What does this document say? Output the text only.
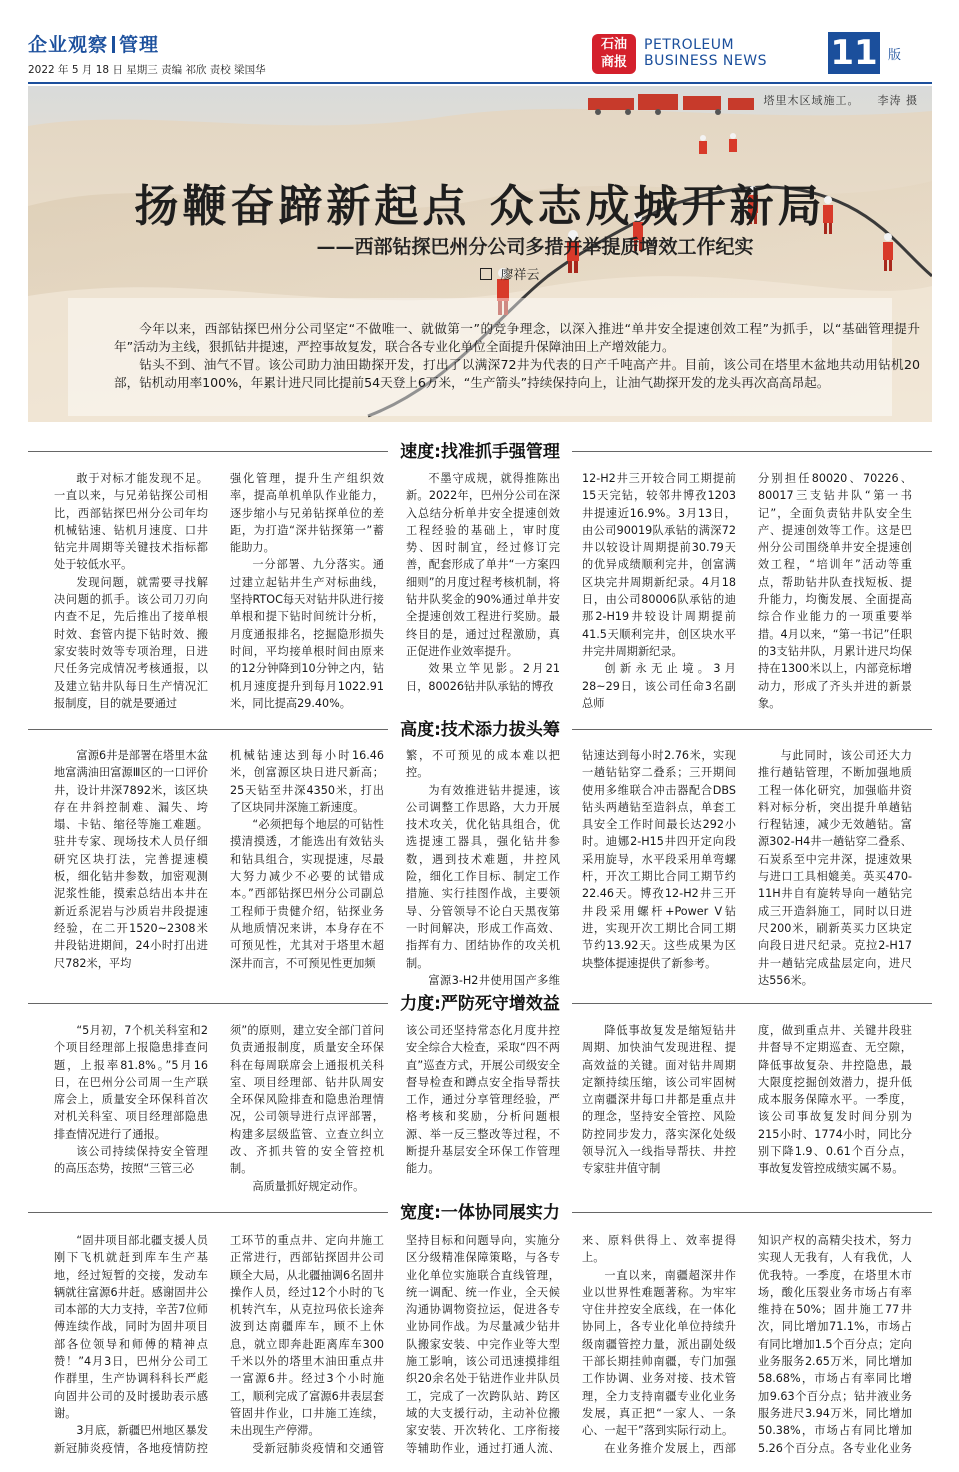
企业观察 管理
2022 年 5 月 18 日 星期三 责编 祁欣 责校 梁国华
石油
商报
PETROLEUM
BUSINESS NEWS 11 版
塔里木区域施工。 李涛 摄
扬鞭奋蹄新起点 众志成城开新局
——西部钻探巴州分公司多措并举提质增效工作纪实
廖祥云

今年以来，西部钻探巴州分公司坚定“不做唯一、就做第一”的竞争理念，以深入推进“单井安全提速创效工程”为抓手，以“基础管理提升年”活动为主线，狠抓钻井提速，严控事故复发，联合各专业化单位全面提升保障油田上产增效能力。

钻头不到、油气不冒。该公司助力油田勘探开发，打出了以满深72井为代表的日产千吨高产井。目前，该公司在塔里木盆地共动用钻机20部，钻机动用率100%，年累计进尺同比提前54天登上6万米，“生产箭头”持续保持向上，让油气勘探开发的龙头再次高高昂起。

速度:找准抓手强管理

敢于对标才能发现不足。一直以来，与兄弟钻探公司相比，西部钻探巴州分公司年均机械钻速、钻机月速度、口井钻完井周期等关键技术指标都处于较低水平。

发现问题，就需要寻找解决问题的抓手。该公司刀刃向内查不足，先后推出了接单根时效、套管内提下钻时效、搬家安装时效等专项治理，日进尺任务完成情况考核通报，以及建立钻井队每日生产情况汇报制度，目的就是要通过

强化管理，提升生产组织效率，提高单机单队作业能力，逐步缩小与兄弟钻探单位的差距，为打造“深井钻探第一”蓄能助力。

一分部署、九分落实。通过建立起钻井生产对标曲线，坚持RTOC每天对钻井队进行接单根和提下钻时间统计分析，月度通报排名，挖掘隐形损失时间，平均接单根时间由原来的12分钟降到10分钟之内，钻机月速度提升到每月1022.91米，同比提高29.40%。

不墨守成规，就得推陈出新。2022年，巴州分公司在深入总结分析单井安全提速创效工程经验的基础上，审时度势、因时制宜，经过修订完善，配套形成了单井“一方案四细则”的月度过程考核机制，将钻井队奖金的90%通过单井安全提速创效工程进行奖励。最终目的是，通过过程激励，真正促进作业效率提升。

效果立竿见影。2月21日，80026钻井队承钻的博孜

12-H2井三开较合同工期提前15天完钻，较邻井博孜1203井提速近16.9%。3月13日，由公司90019队承钻的满深72井以较设计周期提前30.79天的优异成绩顺利完井，创富满区块完井周期新纪录。4月18日，由公司80006队承钻的迪那2-H19井较设计周期提前41.5天顺利完井，创区块水平井完井周期新纪录。

创新永无止境。3月28~29日，该公司任命3名副总师

分别担任80020、70226、80017三支钻井队“第一书记”，全面负责钻井队安全生产、提速创效等工作。这是巴州分公司围绕单井安全提速创效工程，“培训年”活动等重点，帮助钻井队查找短板、提升能力，均衡发展、全面提高综合作业能力的一项重要举措。4月以来，“第一书记”任职的3支钻井队，月累计进尺均保持在1300米以上，内部竞标增动力，形成了齐头并进的新景象。

高度:技术添力拔头筹

富源6井是部署在塔里木盆地富满油田富源Ⅲ区的一口评价井，设计井深7892米，该区块存在井斜控制难、漏失、垮塌、卡钻、缩径等施工难题。驻井专家、现场技术人员仔细研究区块打法，完善提速模板，细化钻井参数，加密观测泥浆性能，摸索总结出本井在新近系泥岩与沙质岩井段提速经验，在二开1520~2308米井段钻进期间，24小时打出进尺782米，平均

机械钻速达到每小时16.46米，创富源区块日进尺新高；25天钻至井深4350米，打出了区块同井深施工新速度。

“必须把每个地层的可钻性摸清摸透，才能选出有效钻头和钻具组合，实现提速，尽最大努力减少不必要的试错成本。”西部钻探巴州分公司副总工程师于贵健介绍，钻探业务从地质情况来讲，本身存在不可预见性，尤其对于塔里木超深井而言，不可预见性更加频

繁，不可预见的成本难以把控。

为有效推进钻井提速，该公司调整工作思路，大力开展技术攻关，优化钻具组合，优选提速工器具，强化钻井参数，遇到技术难题，井控风险，细化工作目标、制定工作措施、实行挂图作战，主要领导、分管领导不论白天黑夜第一时间解决，形成工作高效、指挥有力、团结协作的攻关机制。

富源3-H2井使用国产多维

钻速达到每小时2.76米，实现一趟钻钻穿二叠系；三开期间使用多维联合冲击器配合DBS钻头两趟钻至造斜点，单套工具安全工作时间最长达292小时。迪娜2-H15井四开定向段采用旋导，水平段采用单弯螺杆，开次工期比合同工期节约22.46天。博孜12-H2井三开井段采用螺杆+Power V钻进，实现开次工期比合同工期节约13.92天。这些成果为区块整体提速提供了新参考。

与此同时，该公司还大力推行趟钻管理，不断加强地质工程一体化研究，加强临井资料对标分析，突出提升单趟钻行程钻速，减少无效趟钻。富源302-H4井一趟钻穿二叠系、石炭系至中完井深，提速效果与进口工具相媲美。英买470-11H井自有旋转导向一趟钻完成三开造斜施工，同时以日进尺200米，刷新英买力区块定向段日进尺纪录。克拉2-H17井一趟钻完成盐层定向，进尺达556米。

力度:严防死守增效益

“5月初，7个机关科室和2个项目经理部上报隐患排查问题，上报率81.8%。”5月16日，在巴州分公司周一生产联席会上，质量安全环保科首次对机关科室、项目经理部隐患排查情况进行了通报。

该公司持续保持安全管理的高压态势，按照“三管三必

须”的原则，建立安全部门首问负责通报制度，质量安全环保科在每周联席会上通报机关科室、项目经理部、钻井队周安全环保风险排查和隐患治理情况，公司领导进行点评部署，构建多层级监管、立查立纠立改、齐抓共管的安全管控机制。

高质量抓好规定动作。

该公司还坚持常态化月度井控安全综合大检查，采取“四不两直”巡查方式，开展公司级安全督导检查和蹲点安全指导帮扶工作，通过分享管理经验，严格考核和奖励，分析问题根源、举一反三整改等过程，不断提升基层安全环保工作管理能力。

降低事故复发是缩短钻井周期、加快油气发现进程、提高效益的关键。面对钻井周期定额持续压缩，该公司牢固树立南疆深井每口井都是重点井的理念，坚持安全管控、风险防控同步发力，落实深化处级领导沉入一线指导帮扶、井控专家驻井值守制

度，做到重点井、关键井段驻井督导不定期巡查、无空隙，降低事故复杂、井控隐患，最大限度挖掘创效潜力，提升低成本服务保障水平。一季度，该公司事故复发时间分别为215小时、1774小时，同比分别下降1.9、0.61个百分点，事故复发管控成绩实属不易。

宽度:一体协同展实力

“固井项目部北疆支援人员刚下飞机就赶到库车生产基地，经过短暂的交接，发动车辆就往富源6井赶。感谢固井公司本部的大力支持，辛苦7位师傅连续作战，同时为固井项目部各位领导和师傅的精神点赞！”4月3日，巴州分公司工作群里，生产协调科科长严彪向固井公司的及时援助表示感谢。

3月底，新疆巴州地区暴发新冠肺炎疫情，各地疫情防控

工环节的重点井、定向井施工正常进行，西部钻探固井公司顾全大局，从北疆抽调6名固井操作人员，经过12个小时的飞机转汽车，从克拉玛依长途奔波到达南疆库车，顾不上休息，就立即奔赴距离库车300千米以外的塔里木油田重点井一富源6井。经过3个小时施工，顺利完成了富源6井表层套管固井作业，口井施工连续，未出现生产停滞。

受新冠肺炎疫情和交通管

坚持目标和问题导向，实施分区分级精准保障策略，与各专业化单位实施联合直线管理，统一调配、统一作业，全天候沟通协调物资拉运，促进各专业协同作战。为尽量减少钻井队搬家安装、中完作业等大型施工影响，该公司迅速摸排组织20余名处于钻进作业井队员工，完成了一次跨队站、跨区域的大支援行动，主动补位搬家安装、开次转化、工序衔接等辅助作业，通过打通人流、

来、原料供得上、效率提得上。

一直以来，南疆超深井作业以世界性难题著称。为牢牢守住井控安全底线，在一体化协同上，各专业化单位持续升级南疆管控力量，派出副处级干部长期挂帅南疆，专门加强工作协调、业务对接、技术管理，全力支持南疆专业化业务发展，真正把“一家人、一条心、一起干”落到实际行动上。

在业务推介发展上，西部

知识产权的高精尖技术，努力实现人无我有，人有我优，人优我特。一季度，在塔里木市场，酸化压裂业务市场占有率维持在50%；固井施工77井次，同比增加71.1%，市场占有同比增加1.5个百分点；定向业务服务2.65万米，同比增加58.68%，市场占有率同比增加9.63个百分点；钻井液业务服务进尺3.94万米，同比增加50.38%，市场占有同比增加5.26个百分点。各专业化业务
